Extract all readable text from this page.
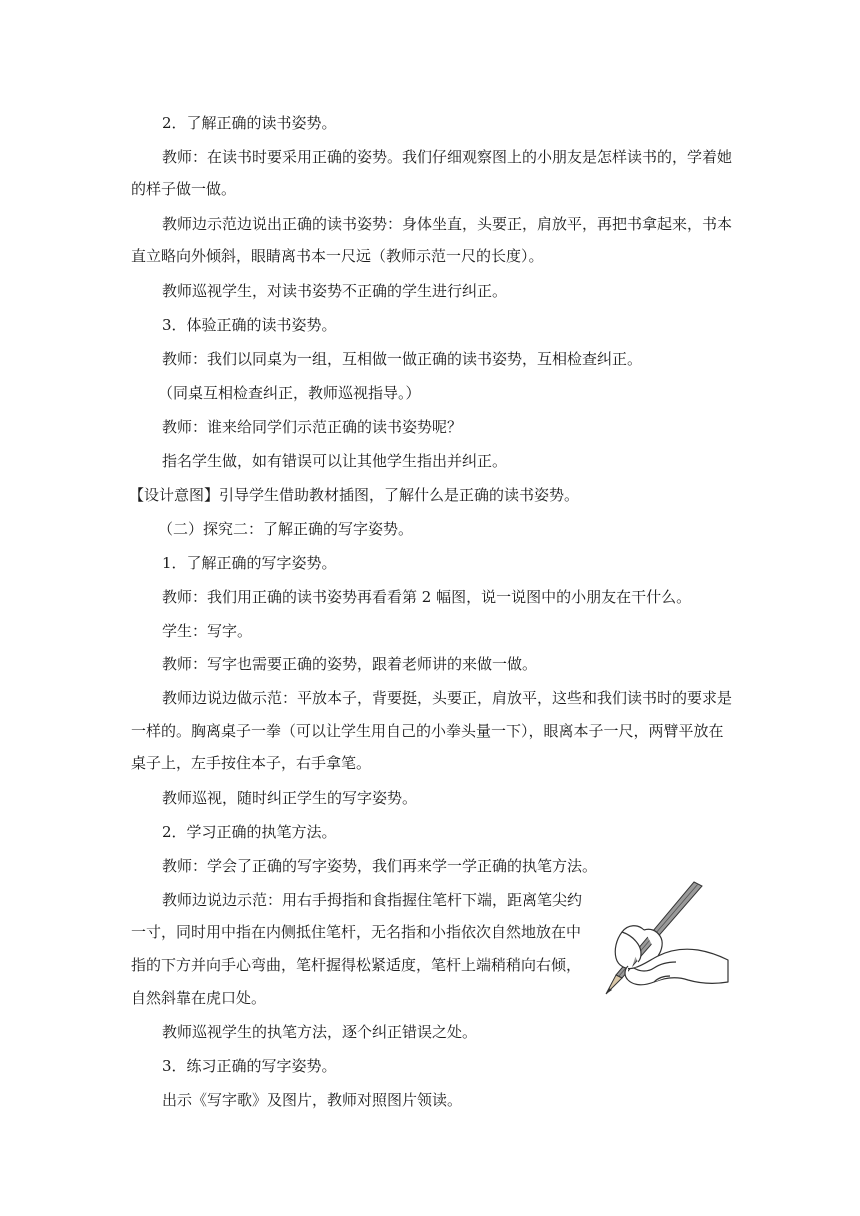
2．了解正确的读书姿势。
教师：在读书时要采用正确的姿势。我们仔细观察图上的小朋友是怎样读书的，学着她
的样子做一做。
教师边示范边说出正确的读书姿势：身体坐直，头要正，肩放平，再把书拿起来，书本
直立略向外倾斜，眼睛离书本一尺远（教师示范一尺的长度）。
教师巡视学生，对读书姿势不正确的学生进行纠正。
3．体验正确的读书姿势。
教师：我们以同桌为一组，互相做一做正确的读书姿势，互相检查纠正。
（同桌互相检查纠正，教师巡视指导。）
教师：谁来给同学们示范正确的读书姿势呢？
指名学生做，如有错误可以让其他学生指出并纠正。
【设计意图】引导学生借助教材插图，了解什么是正确的读书姿势。
（二）探究二：了解正确的写字姿势。
1．了解正确的写字姿势。
教师：我们用正确的读书姿势再看看第 2 幅图，说一说图中的小朋友在干什么。
学生：写字。
教师：写字也需要正确的姿势，跟着老师讲的来做一做。
教师边说边做示范：平放本子，背要挺，头要正，肩放平，这些和我们读书时的要求是
一样的。胸离桌子一拳（可以让学生用自己的小拳头量一下），眼离本子一尺，两臂平放在
桌子上，左手按住本子，右手拿笔。
教师巡视，随时纠正学生的写字姿势。
2．学习正确的执笔方法。
教师：学会了正确的写字姿势，我们再来学一学正确的执笔方法。
教师边说边示范：用右手拇指和食指握住笔杆下端，距离笔尖约
一寸，同时用中指在内侧抵住笔杆，无名指和小指依次自然地放在中
指的下方并向手心弯曲，笔杆握得松紧适度，笔杆上端稍稍向右倾，
自然斜靠在虎口处。
教师巡视学生的执笔方法，逐个纠正错误之处。
3．练习正确的写字姿势。
出示《写字歌》及图片，教师对照图片领读。
